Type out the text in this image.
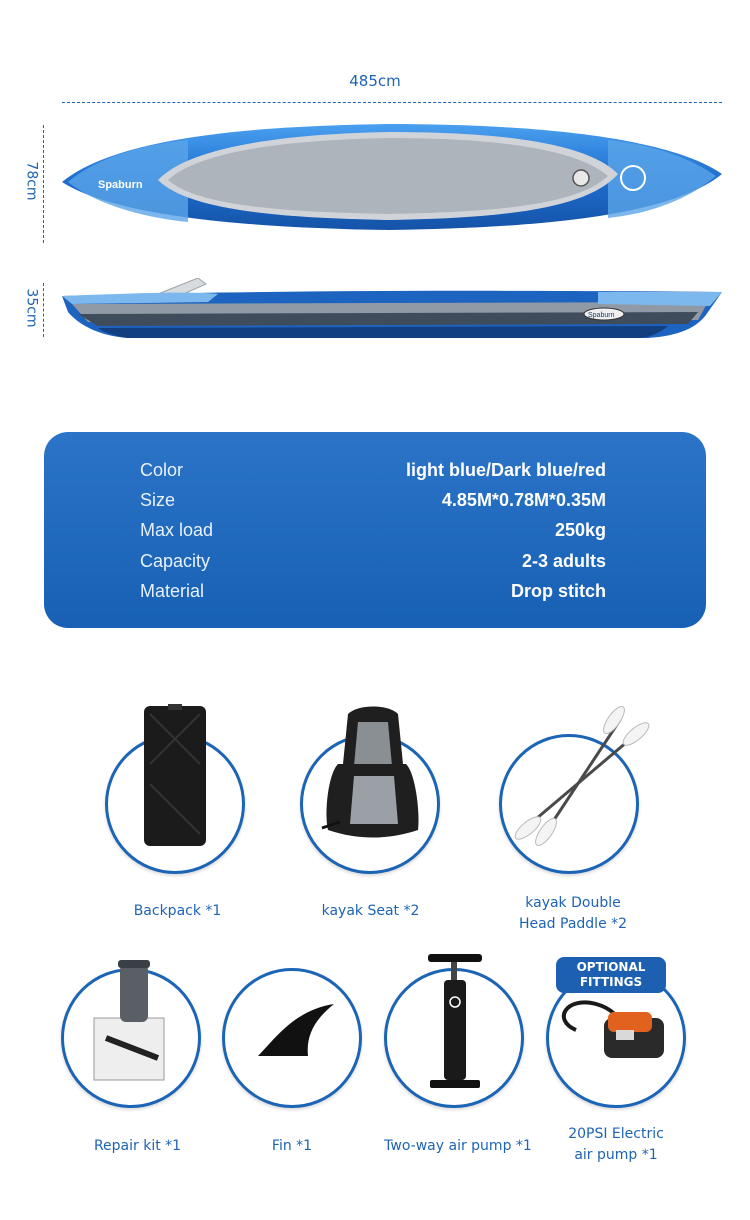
485cm
78cm
35cm
Spaburn
Spaburn
Color	light blue/Dark blue/red
Size	4.85M*0.78M*0.35M
Max load	250kg
Capacity	2-3 adults
Material	Drop stitch
Backpack *1	kayak Seat *2	kayak Double
Head Paddle *2
Repair kit *1	Fin *1	Two-way air pump *1
OPTIONAL
FITTINGS
20PSI Electric
air pump *1
